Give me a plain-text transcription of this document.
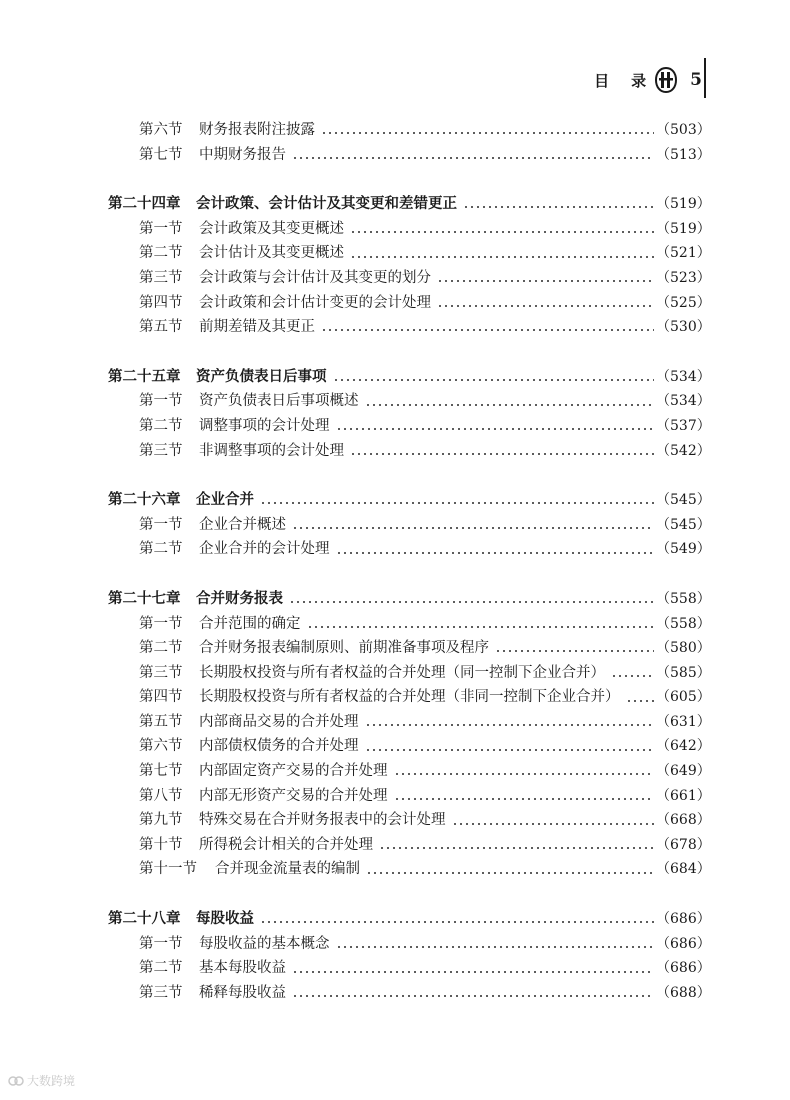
目 录	5
第六节	财务报表附注披露	（503）
第七节	中期财务报告	（513）
第二十四章	会计政策、会计估计及其变更和差错更正	（519）
第一节	会计政策及其变更概述	（519）
第二节	会计估计及其变更概述	（521）
第三节	会计政策与会计估计及其变更的划分	（523）
第四节	会计政策和会计估计变更的会计处理	（525）
第五节	前期差错及其更正	（530）
第二十五章	资产负债表日后事项	（534）
第一节	资产负债表日后事项概述	（534）
第二节	调整事项的会计处理	（537）
第三节	非调整事项的会计处理	（542）
第二十六章	企业合并	（545）
第一节	企业合并概述	（545）
第二节	企业合并的会计处理	（549）
第二十七章	合并财务报表	（558）
第一节	合并范围的确定	（558）
第二节	合并财务报表编制原则、前期准备事项及程序	（580）
第三节	长期股权投资与所有者权益的合并处理（同一控制下企业合并）	（585）
第四节	长期股权投资与所有者权益的合并处理（非同一控制下企业合并）	（605）
第五节	内部商品交易的合并处理	（631）
第六节	内部债权债务的合并处理	（642）
第七节	内部固定资产交易的合并处理	（649）
第八节	内部无形资产交易的合并处理	（661）
第九节	特殊交易在合并财务报表中的会计处理	（668）
第十节	所得税会计相关的合并处理	（678）
第十一节	合并现金流量表的编制	（684）
第二十八章	每股收益	（686）
第一节	每股收益的基本概念	（686）
第二节	基本每股收益	（686）
第三节	稀释每股收益	（688）
大数跨境
